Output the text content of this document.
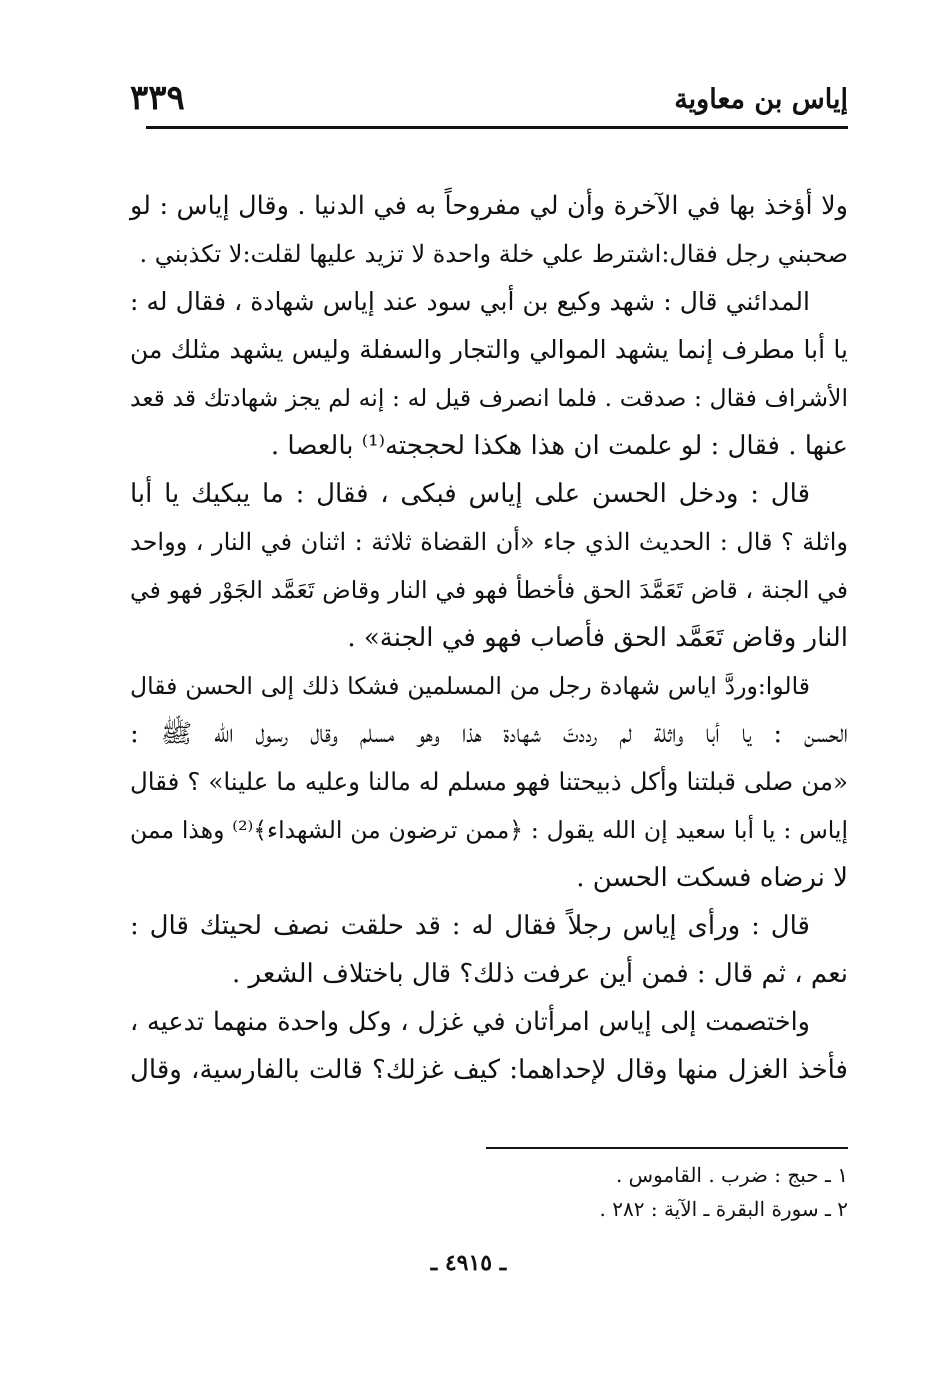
إياس بن معاوية
٣٣٩
ولا أؤخذ بها في الآخرة وأن لي مفروحاً به في الدنيا . وقال إياس : لو
صحبني رجل فقال:اشترط علي خلة واحدة لا تزيد عليها لقلت:لا تكذبني .
المدائني قال : شهد وكيع بن أبي سود عند إياس شهادة ، فقال له :
يا أبا مطرف إنما يشهد الموالي والتجار والسفلة وليس يشهد مثلك من
الأشراف فقال : صدقت . فلما انصرف قيل له : إنه لم يجز شهادتك قد قعد
عنها . فقال : لو علمت ان هذا هكذا لحججته⁽¹⁾ بالعصا .
قال : ودخل الحسن على إياس فبكى ، فقال : ما يبكيك يا أبا
واثلة ؟ قال : الحديث الذي جاء «أن القضاة ثلاثة : اثنان في النار ، وواحد
في الجنة ، قاض تَعَمَّدَ الحق فأخطأ فهو في النار وقاض تَعَمَّد الجَوْر فهو في
النار وقاض تَعَمَّد الحق فأصاب فهو في الجنة» .
قالوا:وردَّ اياس شهادة رجل من المسلمين فشكا ذلك إلى الحسن فقال
الحسن : يا أبا واثلة لم رددتَ شهادة هذا وهو مسلم وقال رسول الله ﷺ :
«من صلى قبلتنا وأكل ذبيحتنا فهو مسلم له مالنا وعليه ما علينا» ؟ فقال
إياس : يا أبا سعيد إن الله يقول : ﴿ممن ترضون من الشهداء﴾⁽²⁾ وهذا ممن
لا نرضاه فسكت الحسن .
قال : ورأى إياس رجلاً فقال له : قد حلقت نصف لحيتك قال :
نعم ، ثم قال : فمن أين عرفت ذلك؟ قال باختلاف الشعر .
واختصمت إلى إياس امرأتان في غزل ، وكل واحدة منهما تدعيه ،
فأخذ الغزل منها وقال لإحداهما: كيف غزلك؟ قالت بالفارسية، وقال
١ ـ حبج : ضرب . القاموس .
٢ ـ سورة البقرة ـ الآية : ٢٨٢ .
ـ ٤٩١٥ ـ
